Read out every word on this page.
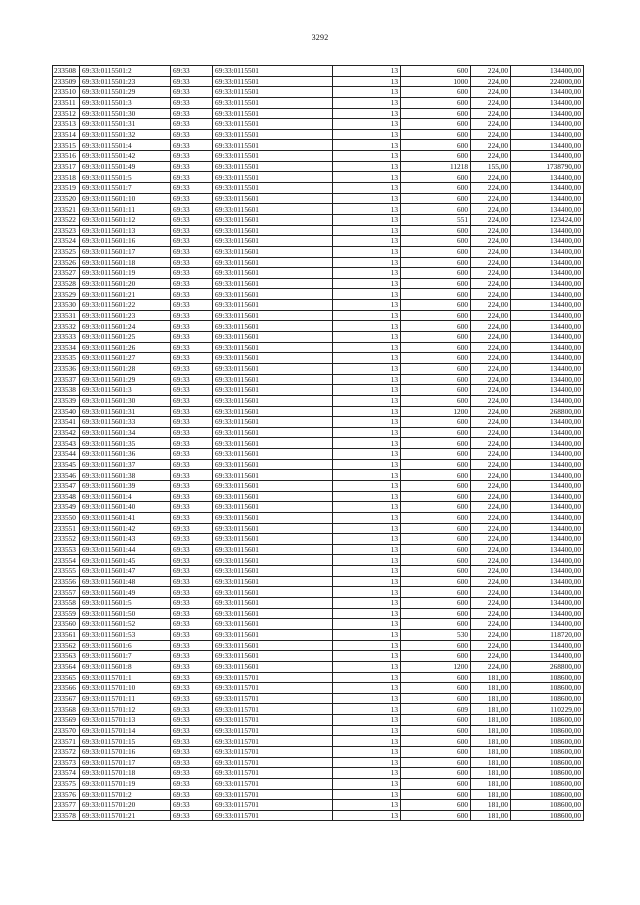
3292
233508	69:33:0115501:2	69:33	69:33:0115501	13	600	224,00	134400,00
233509	69:33:0115501:23	69:33	69:33:0115501	13	1000	224,00	224000,00
233510	69:33:0115501:29	69:33	69:33:0115501	13	600	224,00	134400,00
233511	69:33:0115501:3	69:33	69:33:0115501	13	600	224,00	134400,00
233512	69:33:0115501:30	69:33	69:33:0115501	13	600	224,00	134400,00
233513	69:33:0115501:31	69:33	69:33:0115501	13	600	224,00	134400,00
233514	69:33:0115501:32	69:33	69:33:0115501	13	600	224,00	134400,00
233515	69:33:0115501:4	69:33	69:33:0115501	13	600	224,00	134400,00
233516	69:33:0115501:42	69:33	69:33:0115501	13	600	224,00	134400,00
233517	69:33:0115501:49	69:33	69:33:0115501	13	11218	155,00	1738790,00
233518	69:33:0115501:5	69:33	69:33:0115501	13	600	224,00	134400,00
233519	69:33:0115501:7	69:33	69:33:0115501	13	600	224,00	134400,00
233520	69:33:0115601:10	69:33	69:33:0115601	13	600	224,00	134400,00
233521	69:33:0115601:11	69:33	69:33:0115601	13	600	224,00	134400,00
233522	69:33:0115601:12	69:33	69:33:0115601	13	551	224,00	123424,00
233523	69:33:0115601:13	69:33	69:33:0115601	13	600	224,00	134400,00
233524	69:33:0115601:16	69:33	69:33:0115601	13	600	224,00	134400,00
233525	69:33:0115601:17	69:33	69:33:0115601	13	600	224,00	134400,00
233526	69:33:0115601:18	69:33	69:33:0115601	13	600	224,00	134400,00
233527	69:33:0115601:19	69:33	69:33:0115601	13	600	224,00	134400,00
233528	69:33:0115601:20	69:33	69:33:0115601	13	600	224,00	134400,00
233529	69:33:0115601:21	69:33	69:33:0115601	13	600	224,00	134400,00
233530	69:33:0115601:22	69:33	69:33:0115601	13	600	224,00	134400,00
233531	69:33:0115601:23	69:33	69:33:0115601	13	600	224,00	134400,00
233532	69:33:0115601:24	69:33	69:33:0115601	13	600	224,00	134400,00
233533	69:33:0115601:25	69:33	69:33:0115601	13	600	224,00	134400,00
233534	69:33:0115601:26	69:33	69:33:0115601	13	600	224,00	134400,00
233535	69:33:0115601:27	69:33	69:33:0115601	13	600	224,00	134400,00
233536	69:33:0115601:28	69:33	69:33:0115601	13	600	224,00	134400,00
233537	69:33:0115601:29	69:33	69:33:0115601	13	600	224,00	134400,00
233538	69:33:0115601:3	69:33	69:33:0115601	13	600	224,00	134400,00
233539	69:33:0115601:30	69:33	69:33:0115601	13	600	224,00	134400,00
233540	69:33:0115601:31	69:33	69:33:0115601	13	1200	224,00	268800,00
233541	69:33:0115601:33	69:33	69:33:0115601	13	600	224,00	134400,00
233542	69:33:0115601:34	69:33	69:33:0115601	13	600	224,00	134400,00
233543	69:33:0115601:35	69:33	69:33:0115601	13	600	224,00	134400,00
233544	69:33:0115601:36	69:33	69:33:0115601	13	600	224,00	134400,00
233545	69:33:0115601:37	69:33	69:33:0115601	13	600	224,00	134400,00
233546	69:33:0115601:38	69:33	69:33:0115601	13	600	224,00	134400,00
233547	69:33:0115601:39	69:33	69:33:0115601	13	600	224,00	134400,00
233548	69:33:0115601:4	69:33	69:33:0115601	13	600	224,00	134400,00
233549	69:33:0115601:40	69:33	69:33:0115601	13	600	224,00	134400,00
233550	69:33:0115601:41	69:33	69:33:0115601	13	600	224,00	134400,00
233551	69:33:0115601:42	69:33	69:33:0115601	13	600	224,00	134400,00
233552	69:33:0115601:43	69:33	69:33:0115601	13	600	224,00	134400,00
233553	69:33:0115601:44	69:33	69:33:0115601	13	600	224,00	134400,00
233554	69:33:0115601:45	69:33	69:33:0115601	13	600	224,00	134400,00
233555	69:33:0115601:47	69:33	69:33:0115601	13	600	224,00	134400,00
233556	69:33:0115601:48	69:33	69:33:0115601	13	600	224,00	134400,00
233557	69:33:0115601:49	69:33	69:33:0115601	13	600	224,00	134400,00
233558	69:33:0115601:5	69:33	69:33:0115601	13	600	224,00	134400,00
233559	69:33:0115601:50	69:33	69:33:0115601	13	600	224,00	134400,00
233560	69:33:0115601:52	69:33	69:33:0115601	13	600	224,00	134400,00
233561	69:33:0115601:53	69:33	69:33:0115601	13	530	224,00	118720,00
233562	69:33:0115601:6	69:33	69:33:0115601	13	600	224,00	134400,00
233563	69:33:0115601:7	69:33	69:33:0115601	13	600	224,00	134400,00
233564	69:33:0115601:8	69:33	69:33:0115601	13	1200	224,00	268800,00
233565	69:33:0115701:1	69:33	69:33:0115701	13	600	181,00	108600,00
233566	69:33:0115701:10	69:33	69:33:0115701	13	600	181,00	108600,00
233567	69:33:0115701:11	69:33	69:33:0115701	13	600	181,00	108600,00
233568	69:33:0115701:12	69:33	69:33:0115701	13	609	181,00	110229,00
233569	69:33:0115701:13	69:33	69:33:0115701	13	600	181,00	108600,00
233570	69:33:0115701:14	69:33	69:33:0115701	13	600	181,00	108600,00
233571	69:33:0115701:15	69:33	69:33:0115701	13	600	181,00	108600,00
233572	69:33:0115701:16	69:33	69:33:0115701	13	600	181,00	108600,00
233573	69:33:0115701:17	69:33	69:33:0115701	13	600	181,00	108600,00
233574	69:33:0115701:18	69:33	69:33:0115701	13	600	181,00	108600,00
233575	69:33:0115701:19	69:33	69:33:0115701	13	600	181,00	108600,00
233576	69:33:0115701:2	69:33	69:33:0115701	13	600	181,00	108600,00
233577	69:33:0115701:20	69:33	69:33:0115701	13	600	181,00	108600,00
233578	69:33:0115701:21	69:33	69:33:0115701	13	600	181,00	108600,00
